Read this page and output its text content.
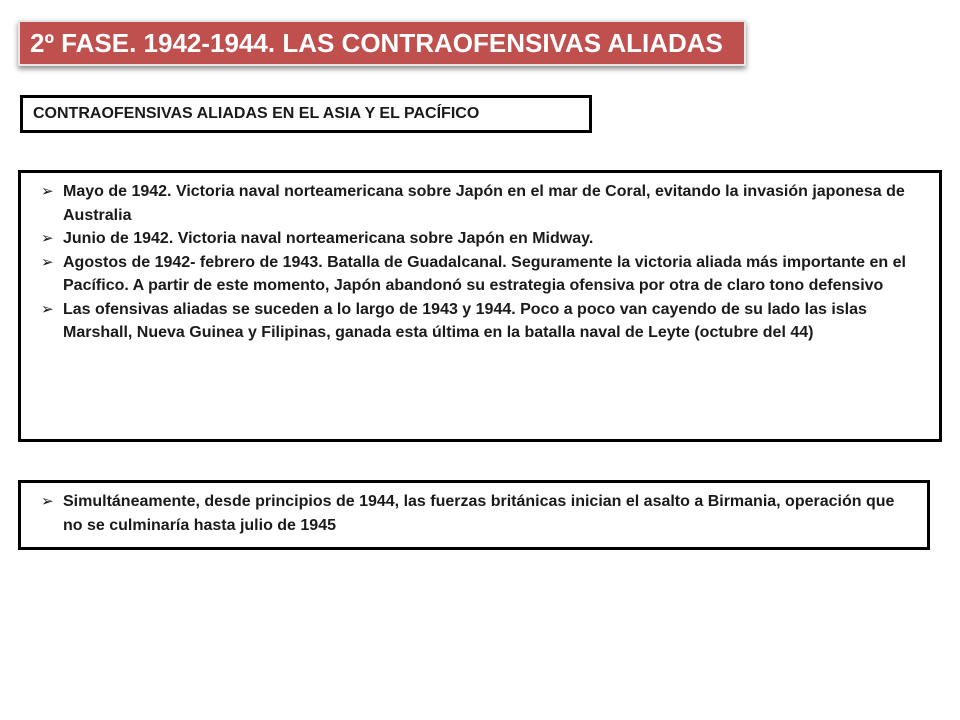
2º FASE. 1942-1944. LAS CONTRAOFENSIVAS ALIADAS
CONTRAOFENSIVAS ALIADAS EN EL ASIA Y EL PACÍFICO
➢ Mayo de 1942. Victoria naval norteamericana sobre Japón en el mar de Coral, evitando la invasión japonesa de Australia
➢ Junio de 1942. Victoria naval norteamericana sobre Japón en Midway.
➢ Agostos de 1942- febrero de 1943. Batalla de Guadalcanal. Seguramente la victoria aliada más importante en el Pacífico. A partir de este momento, Japón abandonó su estrategia ofensiva por otra de claro tono defensivo
➢ Las ofensivas aliadas se suceden a lo largo de 1943 y 1944. Poco a poco van cayendo de su lado las islas Marshall, Nueva Guinea y Filipinas, ganada esta última en la batalla naval de Leyte (octubre del 44)
➢ Simultáneamente, desde principios de 1944, las fuerzas británicas inician el asalto a Birmania, operación que no se culminaría hasta julio de 1945
